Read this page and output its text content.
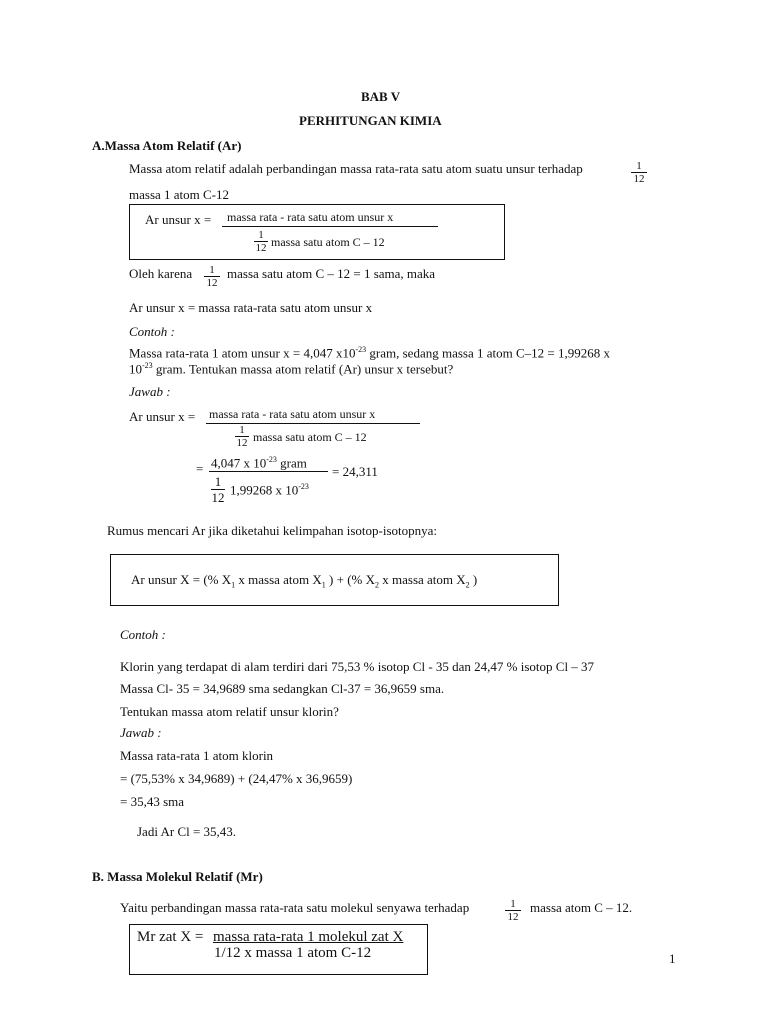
BAB V
PERHITUNGAN KIMIA
A.Massa Atom Relatif (Ar)
Massa atom relatif adalah perbandingan massa rata-rata satu atom suatu unsur terhadap	$\frac{1}{12}$
massa 1 atom C-12
Ar unsur x = massa rata - rata satu atom unsur x
$\frac{1}{12}$ massa satu atom C – 12
Oleh karena $\frac{1}{12}$ massa satu atom C – 12 = 1 sama, maka
Ar unsur x = massa rata-rata satu atom unsur x
Contoh :
Massa rata-rata 1 atom unsur x = 4,047 $x10^{-23}$ gram, sedang massa 1 atom C–12 = 1,99268 x
$10^{-23}$ gram. Tentukan massa atom relatif (Ar) unsur x tersebut?
Jawab :
Ar unsur x = massa rata - rata satu atom unsur x
$\frac{1}{12}$ massa satu atom C – 12
= 4,047 x $10^{-23}$ gram
$\frac{1}{12} 1,99268$ x $10^{-23}$
= 24,311
Rumus mencari Ar jika diketahui kelimpahan isotop-isotopnya:
Ar unsur X = (% $X_1$ x massa atom $X_1$ ) + (% $X_2$ x massa atom $X_2$ )
Contoh :
Klorin yang terdapat di alam terdiri dari 75,53 % isotop Cl - 35 dan 24,47 % isotop Cl – 37
Massa Cl- 35 = 34,9689 sma sedangkan Cl-37 = 36,9659 sma.
Tentukan massa atom relatif unsur klorin?
Jawab :
Massa rata-rata 1 atom klorin
= (75,53% x 34,9689) + (24,47% x 36,9659)
= 35,43 sma
Jadi Ar Cl = 35,43.
B. Massa Molekul Relatif (Mr)
Yaitu perbandingan massa rata-rata satu molekul senyawa terhadap	$\frac{1}{12}$ massa atom C – 12.
Mr zat X = massa rata-rata 1 molekul zat X
1/12 x massa 1 atom C-12	1
